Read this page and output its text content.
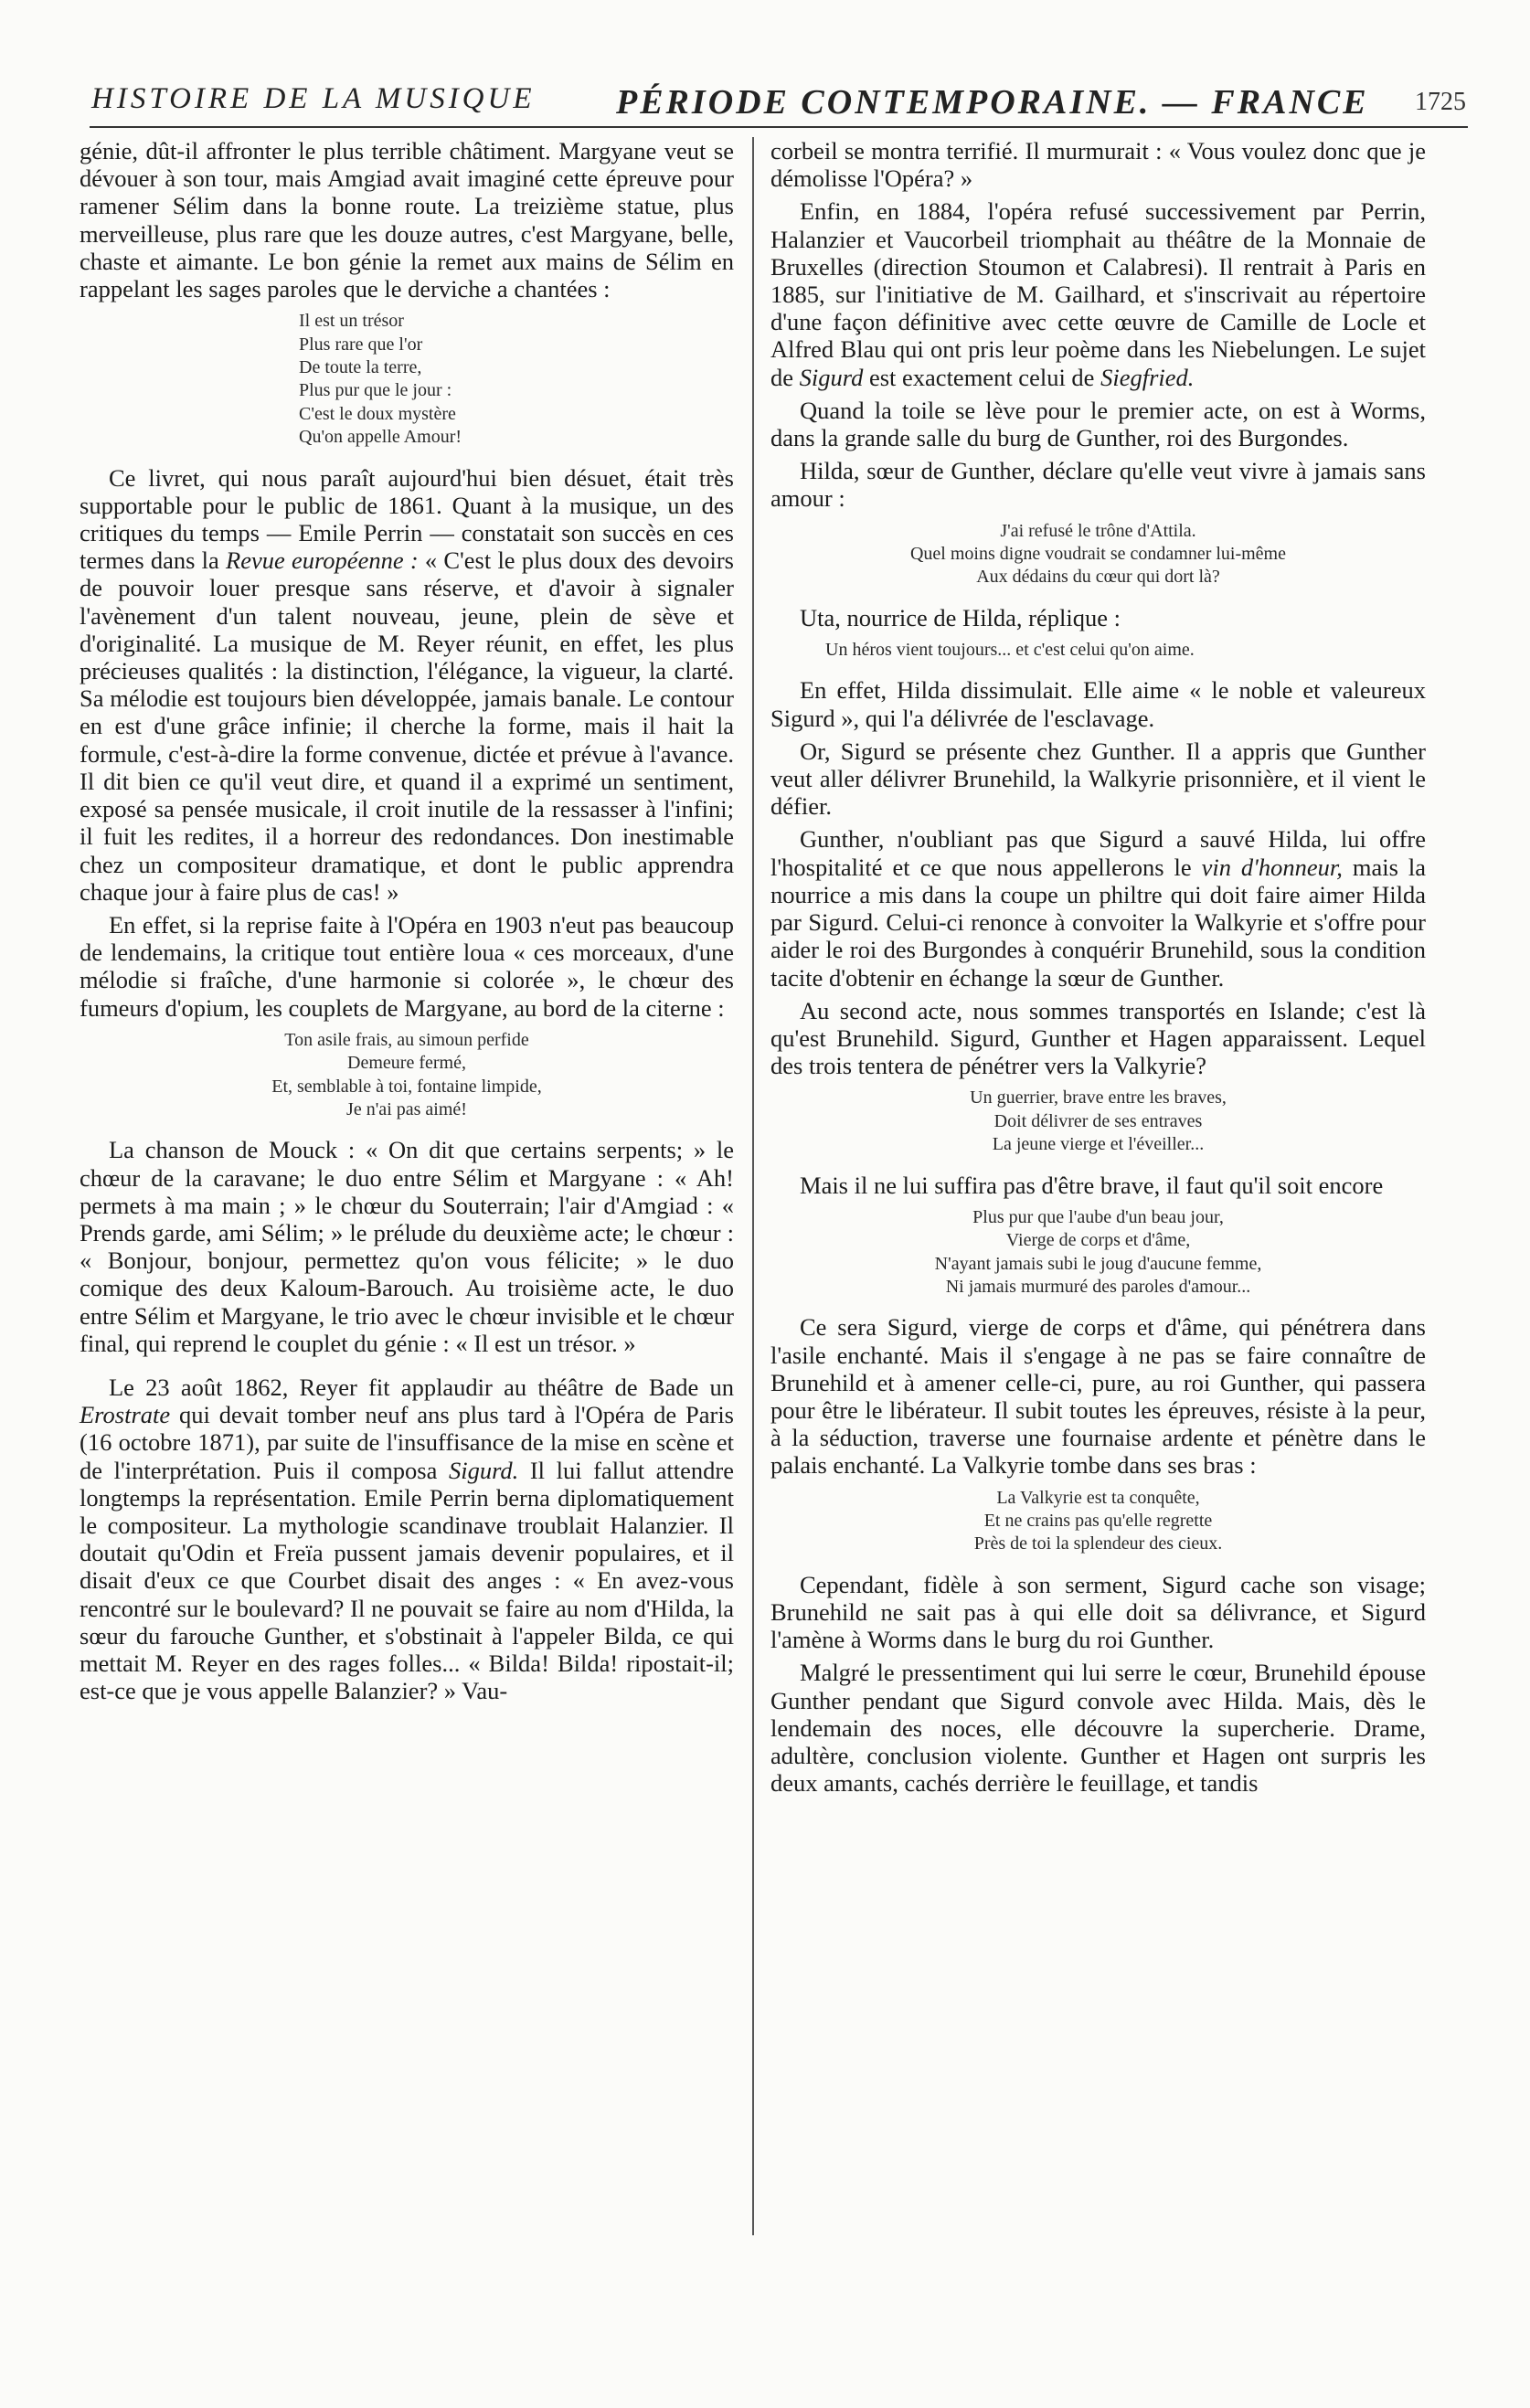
HISTOIRE DE LA MUSIQUE PÉRIODE CONTEMPORAINE. — FRANCE 1725

génie, dût-il affronter le plus terrible châtiment. Margyane veut se dévouer à son tour, mais Amgiad avait imaginé cette épreuve pour ramener Sélim dans la bonne route. La treizième statue, plus merveilleuse, plus rare que les douze autres, c'est Margyane, belle, chaste et aimante. Le bon génie la remet aux mains de Sélim en rappelant les sages paroles que le derviche a chantées :

Il est un trésor
Plus rare que l'or
De toute la terre,
Plus pur que le jour :
C'est le doux mystère
Qu'on appelle Amour!

Ce livret, qui nous paraît aujourd'hui bien désuet, était très supportable pour le public de 1861. Quant à la musique, un des critiques du temps — Emile Perrin — constatait son succès en ces termes dans la Revue européenne : « C'est le plus doux des devoirs de pouvoir louer presque sans réserve, et d'avoir à signaler l'avènement d'un talent nouveau, jeune, plein de sève et d'originalité. La musique de M. Reyer réunit, en effet, les plus précieuses qualités : la distinction, l'élégance, la vigueur, la clarté. Sa mélodie est toujours bien développée, jamais banale. Le contour en est d'une grâce infinie; il cherche la forme, mais il hait la formule, c'est-à-dire la forme convenue, dictée et prévue à l'avance. Il dit bien ce qu'il veut dire, et quand il a exprimé un sentiment, exposé sa pensée musicale, il croit inutile de la ressasser à l'infini; il fuit les redites, il a horreur des redondances. Don inestimable chez un compositeur dramatique, et dont le public apprendra chaque jour à faire plus de cas! »

En effet, si la reprise faite à l'Opéra en 1903 n'eut pas beaucoup de lendemains, la critique tout entière loua « ces morceaux, d'une mélodie si fraîche, d'une harmonie si colorée », le chœur des fumeurs d'opium, les couplets de Margyane, au bord de la citerne :

Ton asile frais, au simoun perfide
Demeure fermé,
Et, semblable à toi, fontaine limpide,
Je n'ai pas aimé!

La chanson de Mouck : « On dit que certains serpents; » le chœur de la caravane; le duo entre Sélim et Margyane : « Ah! permets à ma main ; » le chœur du Souterrain; l'air d'Amgiad : « Prends garde, ami Sélim; » le prélude du deuxième acte; le chœur : « Bonjour, bonjour, permettez qu'on vous félicite; » le duo comique des deux Kaloum-Barouch. Au troisième acte, le duo entre Sélim et Margyane, le trio avec le chœur invisible et le chœur final, qui reprend le couplet du génie : « Il est un trésor. »

Le 23 août 1862, Reyer fit applaudir au théâtre de Bade un Erostrate qui devait tomber neuf ans plus tard à l'Opéra de Paris (16 octobre 1871), par suite de l'insuffisance de la mise en scène et de l'interprétation. Puis il composa Sigurd. Il lui fallut attendre longtemps la représentation. Emile Perrin berna diplomatiquement le compositeur. La mythologie scandinave troublait Halanzier. Il doutait qu'Odin et Freïa pussent jamais devenir populaires, et il disait d'eux ce que Courbet disait des anges : « En avez-vous rencontré sur le boulevard? Il ne pouvait se faire au nom d'Hilda, la sœur du farouche Gunther, et s'obstinait à l'appeler Bilda, ce qui mettait M. Reyer en des rages folles... « Bilda! Bilda! ripostait-il; est-ce que je vous appelle Balanzier? » Vau-

corbeil se montra terrifié. Il murmurait : « Vous voulez donc que je démolisse l'Opéra? »

Enfin, en 1884, l'opéra refusé successivement par Perrin, Halanzier et Vaucorbeil triomphait au théâtre de la Monnaie de Bruxelles (direction Stoumon et Calabresi). Il rentrait à Paris en 1885, sur l'initiative de M. Gailhard, et s'inscrivait au répertoire d'une façon définitive avec cette œuvre de Camille de Locle et Alfred Blau qui ont pris leur poème dans les Niebelungen. Le sujet de Sigurd est exactement celui de Siegfried.

Quand la toile se lève pour le premier acte, on est à Worms, dans la grande salle du burg de Gunther, roi des Burgondes.

Hilda, sœur de Gunther, déclare qu'elle veut vivre à jamais sans amour :

J'ai refusé le trône d'Attila.
Quel moins digne voudrait se condamner lui-même
Aux dédains du cœur qui dort là?

Uta, nourrice de Hilda, réplique :

Un héros vient toujours... et c'est celui qu'on aime.

En effet, Hilda dissimulait. Elle aime « le noble et valeureux Sigurd », qui l'a délivrée de l'esclavage.

Or, Sigurd se présente chez Gunther. Il a appris que Gunther veut aller délivrer Brunehild, la Walkyrie prisonnière, et il vient le défier.

Gunther, n'oubliant pas que Sigurd a sauvé Hilda, lui offre l'hospitalité et ce que nous appellerons le vin d'honneur, mais la nourrice a mis dans la coupe un philtre qui doit faire aimer Hilda par Sigurd. Celui-ci renonce à convoiter la Walkyrie et s'offre pour aider le roi des Burgondes à conquérir Brunehild, sous la condition tacite d'obtenir en échange la sœur de Gunther.

Au second acte, nous sommes transportés en Islande; c'est là qu'est Brunehild. Sigurd, Gunther et Hagen apparaissent. Lequel des trois tentera de pénétrer vers la Valkyrie?

Un guerrier, brave entre les braves,
Doit délivrer de ses entraves
La jeune vierge et l'éveiller...

Mais il ne lui suffira pas d'être brave, il faut qu'il soit encore

Plus pur que l'aube d'un beau jour,
Vierge de corps et d'âme,
N'ayant jamais subi le joug d'aucune femme,
Ni jamais murmuré des paroles d'amour...

Ce sera Sigurd, vierge de corps et d'âme, qui pénétrera dans l'asile enchanté. Mais il s'engage à ne pas se faire connaître de Brunehild et à amener celle-ci, pure, au roi Gunther, qui passera pour être le libérateur. Il subit toutes les épreuves, résiste à la peur, à la séduction, traverse une fournaise ardente et pénètre dans le palais enchanté. La Valkyrie tombe dans ses bras :

La Valkyrie est ta conquête,
Et ne crains pas qu'elle regrette
Près de toi la splendeur des cieux.

Cependant, fidèle à son serment, Sigurd cache son visage; Brunehild ne sait pas à qui elle doit sa délivrance, et Sigurd l'amène à Worms dans le burg du roi Gunther.

Malgré le pressentiment qui lui serre le cœur, Brunehild épouse Gunther pendant que Sigurd convole avec Hilda. Mais, dès le lendemain des noces, elle découvre la supercherie. Drame, adultère, conclusion violente. Gunther et Hagen ont surpris les deux amants, cachés derrière le feuillage, et tandis
